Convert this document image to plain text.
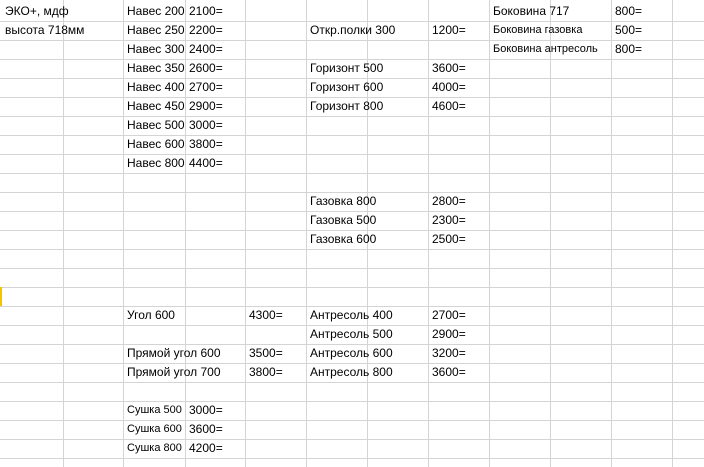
ЭКО+, мдф
высота 718мм
Навес 200 2100=
Навес 250 2200=
Навес 300 2400=
Навес 350 2600=
Навес 400 2700=
Навес 450 2900=
Навес 500 3000=
Навес 600 3800=
Навес 800 4400=
Откр.полки 300	1200=
Горизонт 500	3600=
Горизонт 600	4000=
Горизонт 800	4600=
Боковина 717	800=
Боковина газовка	500=
Боковина антресоль	800=
Газовка 800	2800=
Газовка 500	2300=
Газовка 600	2500=
Угол 600	4300=
Прямой угол 600	3500=
Прямой угол 700	3800=
Антресоль 400	2700=
Антресоль 500	2900=
Антресоль 600	3200=
Антресоль 800	3600=
Сушка 500 3000=
Сушка 600 3600=
Сушка 800 4200=
